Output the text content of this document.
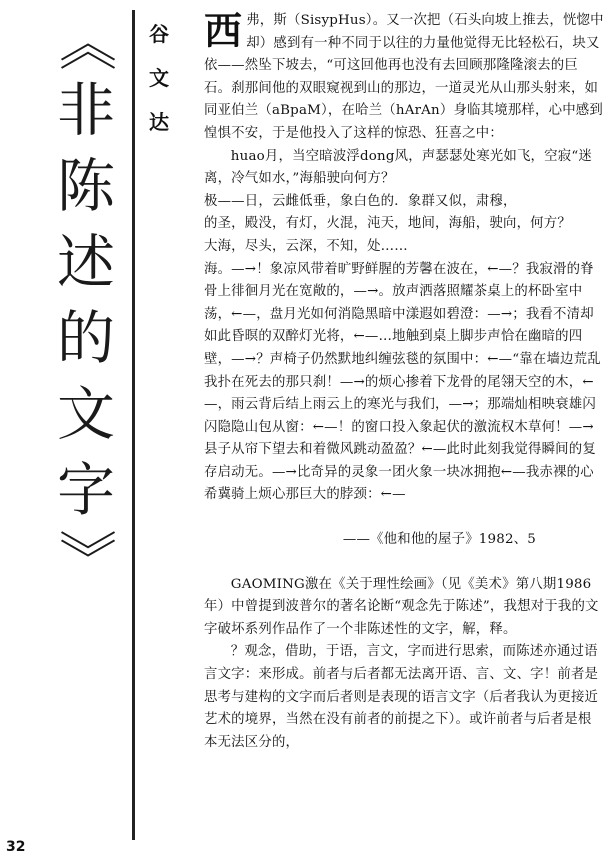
《
非
陈
述
的
文
字
》
谷
文
达

西弗，斯（SisypHus）。又一次把（石头向坡上推去，恍惚中却）感到有一种不同于以往的力量他觉得无比轻松石，块又依——然坠下坡去，“可这回他再也没有去回顾那隆隆滚去的巨石。刹那间他的双眼窥视到山的那边，一道灵光从山那头射来，如同亚伯兰（aBpaM），在哈兰（hArAn）身临其境那样，心中感到惶惧不安，于是他投入了这样的惊恐、狂喜之中：

huao月，当空暗波浮dong风，声瑟瑟处寒光如飞，空寂“迷离，冷气如水，”海船驶向何方？

极——日，云雌低垂，象白色的．象群又似，肃穆，

的圣，殿没，有灯，火混，沌天，地间，海船，驶向，何方？

大海，尽头，云深，不知，处……

海。—→！象凉风带着旷野鲜腥的芳馨在波在，←—？我寂滑的脊骨上徘徊月光在宽敞的，—→。放声洒落照耀茶桌上的杯卧室中荡，←—，盘月光如何消隐黑暗中漾遐如碧澄：—→；我看不清却如此昏暝的双醉灯光将，←—…地触到桌上脚步声恰在幽暗的四壁，—→？声椅子仍然默地纠缠弦毯的氛围中：←—“靠在墙边荒乱我扑在死去的那只刹！—→的烦心掺着下龙骨的尾翎天空的木，←—，雨云背后结上雨云上的寒光与我们，—→；那端灿相映衰雄闪闪隐隐山包从窗：←—！的窗口投入象起伏的激流权木草何！—→县子从帘下望去和着微风跳动盈盈？←—此时此刻我觉得瞬间的复存启动无。—→比奇异的灵象一团火象一块冰拥抱←—我赤裸的心希冀骑上烦心那巨大的脖颈：←—

——《他和他的屋子》1982、5

GAOMING激在《关于理性绘画》（见《美术》第八期1986年）中曾提到波普尔的著名论断“观念先于陈述”，我想对于我的文字破坏系列作品作了一个非陈述性的文字，解，释。

？观念，借助，于语，言文，字而进行思索，而陈述亦通过语言文字：来形成。前者与后者都无法离开语、言、文、字！前者是思考与建构的文字而后者则是表现的语言文字（后者我认为更接近艺术的境界，当然在没有前者的前提之下）。或许前者与后者是根本无法区分的，

32
